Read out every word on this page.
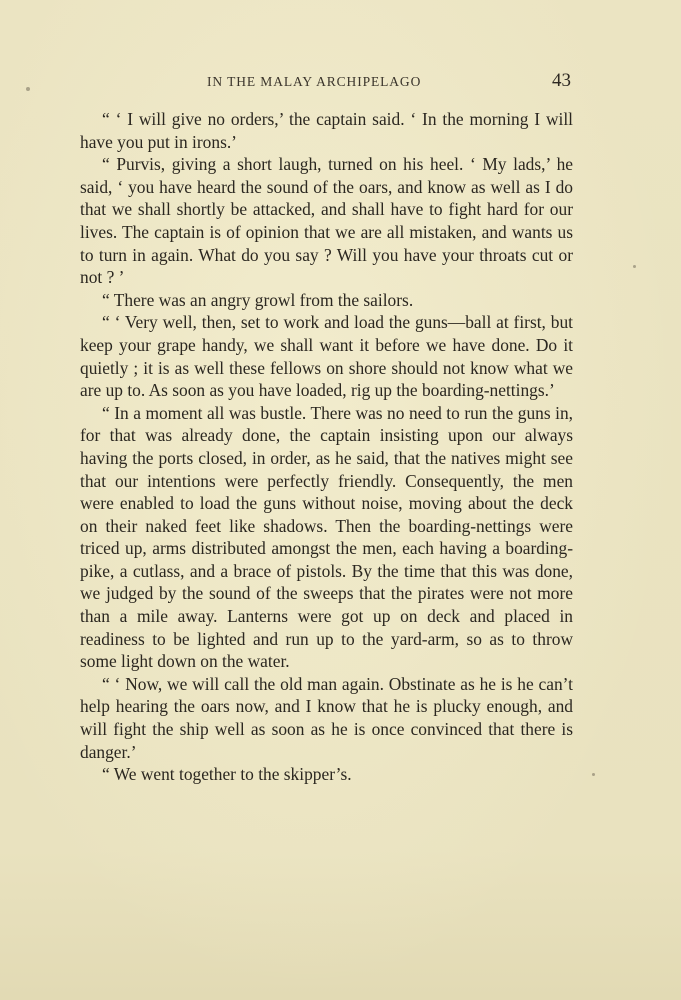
IN THE MALAY ARCHIPELAGO	43

“ ‘ I will give no orders,’ the captain said. ‘ In the morning I will have you put in irons.’

“ Purvis, giving a short laugh, turned on his heel. ‘ My lads,’ he said, ‘ you have heard the sound of the oars, and know as well as I do that we shall shortly be attacked, and shall have to fight hard for our lives. The captain is of opinion that we are all mistaken, and wants us to turn in again. What do you say ? Will you have your throats cut or not ? ’

“ There was an angry growl from the sailors.

“ ‘ Very well, then, set to work and load the guns—ball at first, but keep your grape handy, we shall want it before we have done. Do it quietly ; it is as well these fellows on shore should not know what we are up to. As soon as you have loaded, rig up the boarding-nettings.’

“ In a moment all was bustle. There was no need to run the guns in, for that was already done, the captain insisting upon our always having the ports closed, in order, as he said, that the natives might see that our intentions were perfectly friendly. Consequently, the men were enabled to load the guns without noise, moving about the deck on their naked feet like shadows. Then the boarding-nettings were triced up, arms distributed amongst the men, each having a boarding-pike, a cutlass, and a brace of pistols. By the time that this was done, we judged by the sound of the sweeps that the pirates were not more than a mile away. Lanterns were got up on deck and placed in readiness to be lighted and run up to the yard-arm, so as to throw some light down on the water.

“ ‘ Now, we will call the old man again. Obstinate as he is he can’t help hearing the oars now, and I know that he is plucky enough, and will fight the ship well as soon as he is once convinced that there is danger.’

“ We went together to the skipper’s.
